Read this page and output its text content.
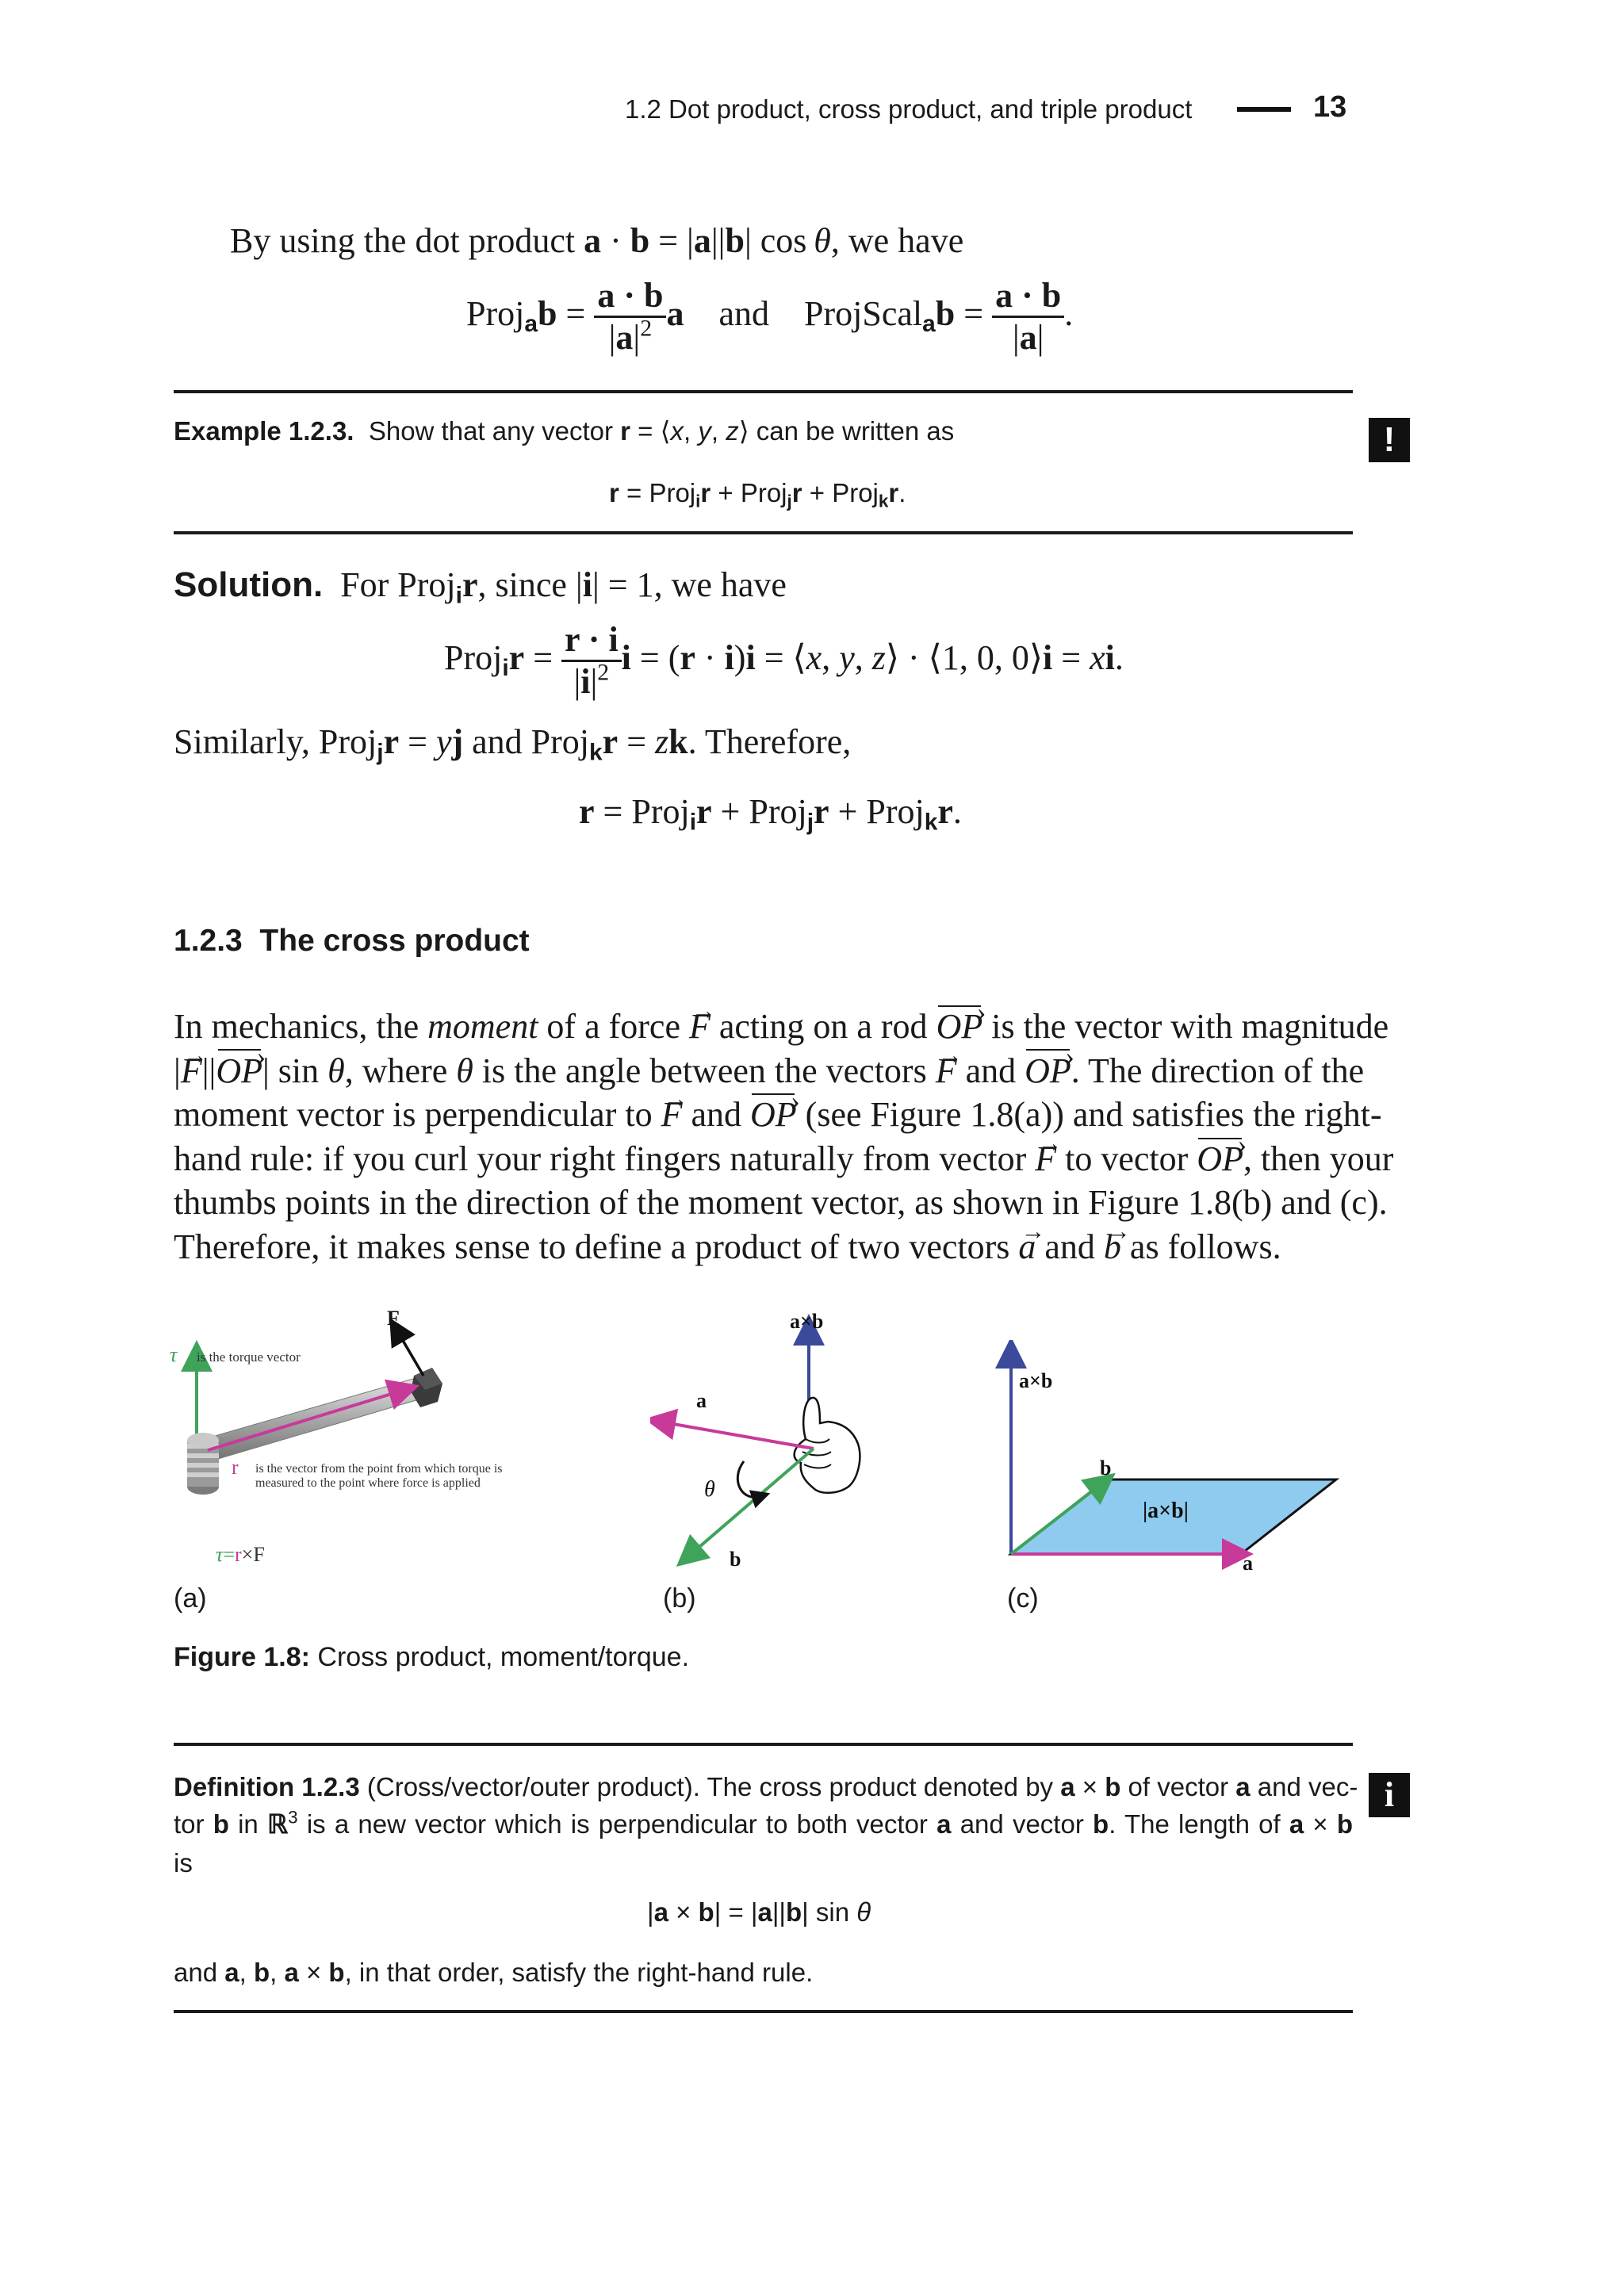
1.2 Dot product, cross product, and triple product	13
By using the dot product a · b = |a||b| cos  θ, we have
Proj$_a$b = $\frac{a \cdot b}{|a|^2}$ a and ProjScal$_a$b = $\frac{a \cdot b}{|a|}$ .
Example 1.2.3. Show that any vector r = ⟨x, y, z⟩ can be written as	!
r = Proj$_i$r + Proj$_j$r + Proj$_k$r.
Solution. For Proj$_i$r, since |i| = 1, we have
Proj$_i$r = $\frac{r \cdot i}{|i|^2}$ i = (r · i)i = ⟨x, y, z⟩ · ⟨1, 0, 0⟩i = xi.
Similarly, Proj$_j$r = yj and Proj$_k$r = zk. Therefore,
r = Proj$_i$r + Proj$_j$r + Proj$_k$r.
1.2.3 The cross product
In mechanics, the moment of a force → F acting on a rod OP › is the vector with magnitude
|→ F||OP ›| sin θ, where θ is the angle between the vectors → F and OP ›. The direction of the
moment vector is perpendicular to → F and OP › (see Figure 1.8(a)) and satisfies the right-
hand rule: if you curl your right fingers naturally from vector → F to vector OP ›, then your
thumbs points in the direction of the moment vector, as shown in Figure 1.8(b) and (c).
Therefore, it makes sense to define a product of two vectors → a and → b as follows.
F
τ is the torque vector
r is the vector from the point from which torque is
measured to the point where force is applied
τ=r×F
a×b
a
b
θ
a×b
a
b
|a×b|
(a)	(b)	(c)
Figure 1.8: Cross product, moment/torque.
Definition 1.2.3 (Cross/vector/outer product). The cross product denoted by a × b of vector a and vec-
tor b in ℝ$^3$ is a new vector which is perpendicular to both vector a and vector b. The length of a × b
is
i
|a × b| = |a||b| sin θ
and a, b, a × b, in that order, satisfy the right-hand rule.
